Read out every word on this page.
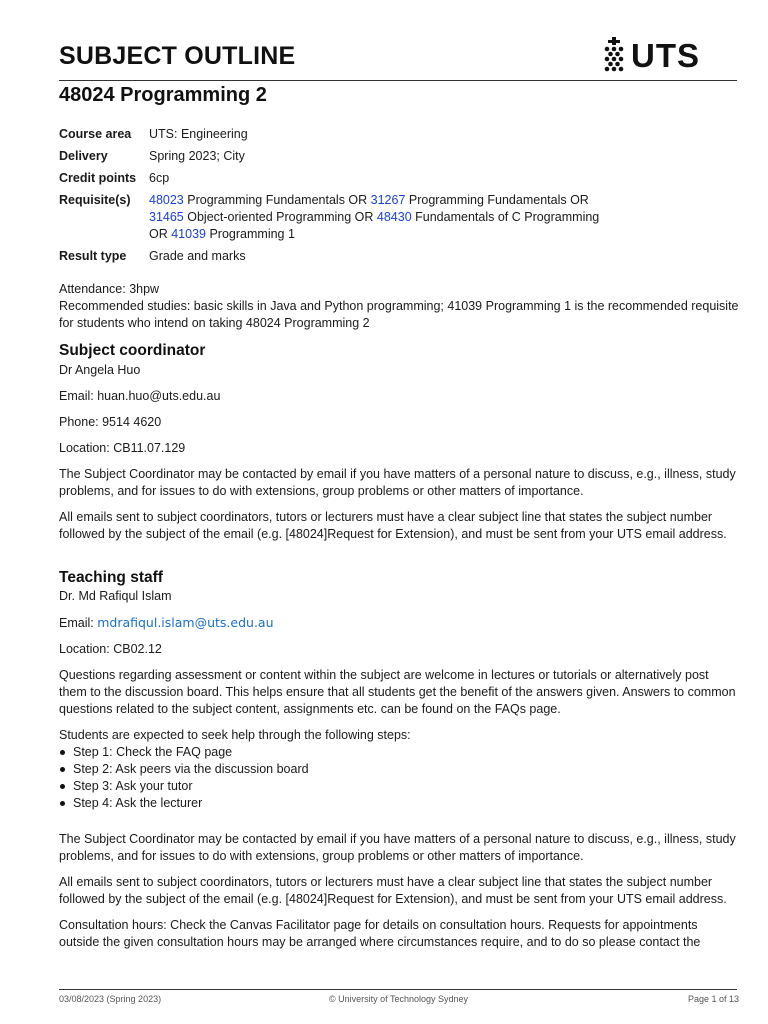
SUBJECT OUTLINE	UTS
48024 Programming 2
Course area	UTS: Engineering
Delivery	Spring 2023; City
Credit points	6cp
Requisite(s)	48023 Programming Fundamentals OR 31267 Programming Fundamentals OR
31465 Object-oriented Programming OR 48430 Fundamentals of C Programming
OR 41039 Programming 1
Result type	Grade and marks

Attendance: 3hpw

Recommended studies: basic skills in Java and Python programming; 41039 Programming 1 is the recommended requisite for students who intend on taking 48024 Programming 2

Subject coordinator

Dr Angela Huo

Email: huan.huo@uts.edu.au

Phone: 9514 4620

Location: CB11.07.129

The Subject Coordinator may be contacted by email if you have matters of a personal nature to discuss, e.g., illness, study problems, and for issues to do with extensions, group problems or other matters of importance.

All emails sent to subject coordinators, tutors or lecturers must have a clear subject line that states the subject number followed by the subject of the email (e.g. [48024]Request for Extension), and must be sent from your UTS email address.

Teaching staff

Dr. Md Rafiqul Islam

Email: mdrafiqul.islam@uts.edu.au

Location: CB02.12

Questions regarding assessment or content within the subject are welcome in lectures or tutorials or alternatively post them to the discussion board. This helps ensure that all students get the benefit of the answers given. Answers to common questions related to the subject content, assignments etc. can be found on the FAQs page.

Students are expected to seek help through the following steps:

Step 1: Check the FAQ page
Step 2: Ask peers via the discussion board
Step 3: Ask your tutor
Step 4: Ask the lecturer

The Subject Coordinator may be contacted by email if you have matters of a personal nature to discuss, e.g., illness, study problems, and for issues to do with extensions, group problems or other matters of importance.

All emails sent to subject coordinators, tutors or lecturers must have a clear subject line that states the subject number followed by the subject of the email (e.g. [48024]Request for Extension), and must be sent from your UTS email address.

Consultation hours: Check the Canvas Facilitator page for details on consultation hours. Requests for appointments outside the given consultation hours may be arranged where circumstances require, and to do so please contact the

03/08/2023 (Spring 2023)	© University of Technology Sydney	Page 1 of 13
